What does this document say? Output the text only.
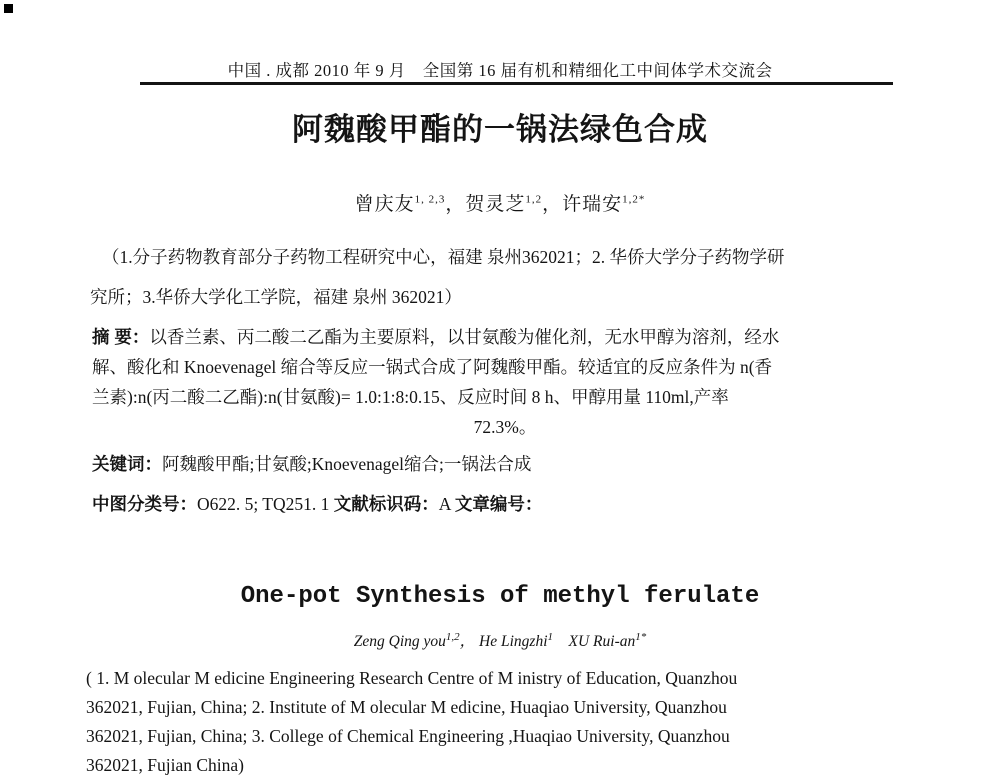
中国 . 成都 2010 年 9 月　全国第 16 届有机和精细化工中间体学术交流会
阿魏酸甲酯的一锅法绿色合成
曾庆友$^{1, 2,3}$，贺灵芝$^{1,2}$，许瑞安$^{1,2*}$
（1.分子药物教育部分子药物工程研究中心，福建 泉州362021；2. 华侨大学分子药物学研
究所；3.华侨大学化工学院，福建 泉州 362021）
摘 要：以香兰素、丙二酸二乙酯为主要原料，以甘氨酸为催化剂，无水甲醇为溶剂，经水
解、酸化和 Knoevenagel 缩合等反应一锅式合成了阿魏酸甲酯。较适宜的反应条件为 n(香
兰素):n(丙二酸二乙酯):n(甘氨酸)= 1.0:1:8:0.15、反应时间 8 h、甲醇用量 110ml,产率
72.3%。
关键词：阿魏酸甲酯;甘氨酸;Knoevenagel缩合;一锅法合成
中图分类号：O622. 5; TQ251. 1 文献标识码：A 文章编号：
One-pot Synthesis of methyl ferulate
Zeng Qing you$^{1,2}$， He Lingzhi$^1$　 XU Rui-$an^{1*}$
( 1. M olecular M edicine Engineering Research Centre of M inistry of Education, Quanzhou
362021, Fujian, China; 2. Institute of M olecular M edicine, Huaqiao University, Quanzhou
362021, Fujian, China; 3. College of Chemical Engineering ,Huaqiao University, Quanzhou
362021, Fujian China)
